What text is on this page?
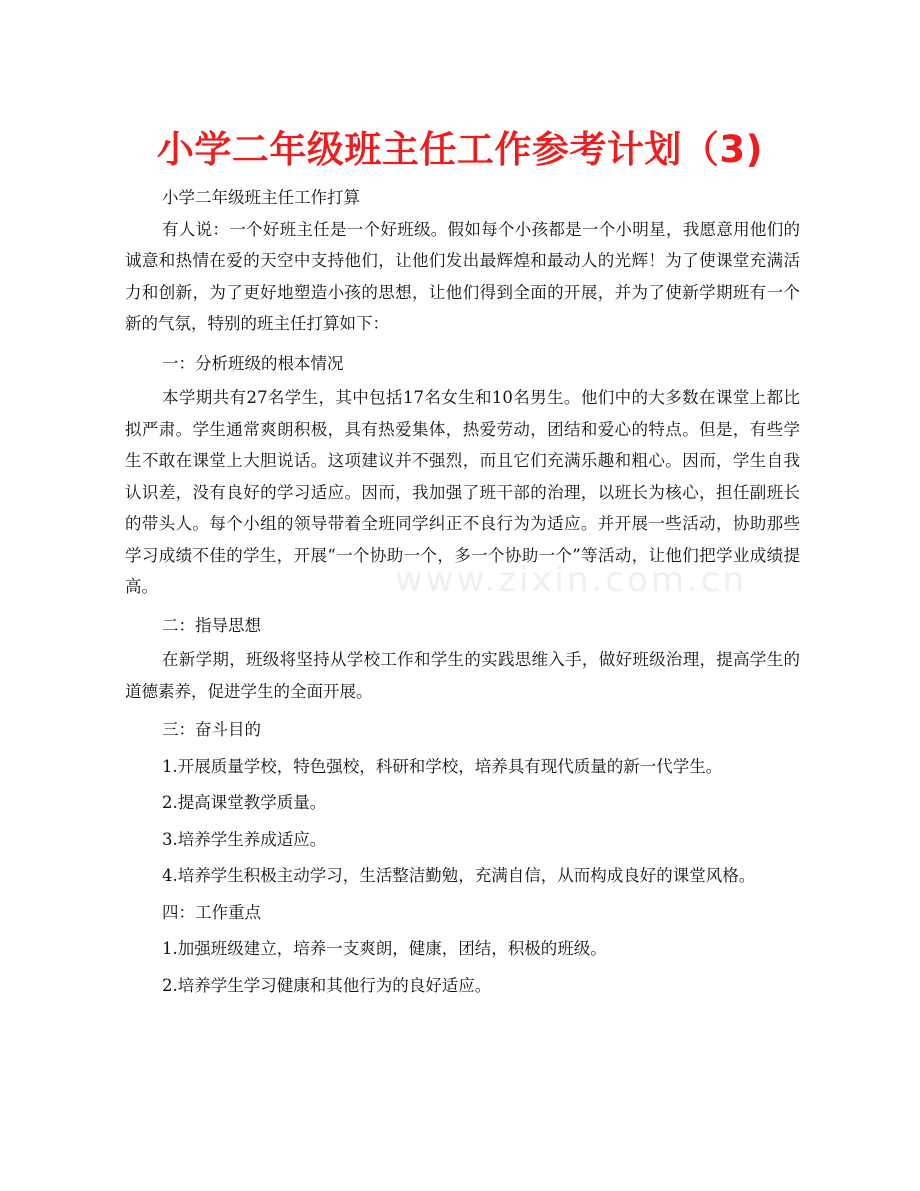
小学二年级班主任工作参考计划（3)
www.zixin.com.cn

小学二年级班主任工作打算

有人说：一个好班主任是一个好班级。假如每个小孩都是一个小明星，我愿意用他们的诚意和热情在爱的天空中支持他们，让他们发出最辉煌和最动人的光辉！为了使课堂充满活力和创新，为了更好地塑造小孩的思想，让他们得到全面的开展，并为了使新学期班有一个新的气氛，特别的班主任打算如下：

一：分析班级的根本情况

本学期共有27名学生，其中包括17名女生和10名男生。他们中的大多数在课堂上都比拟严肃。学生通常爽朗积极，具有热爱集体，热爱劳动，团结和爱心的特点。但是，有些学生不敢在课堂上大胆说话。这项建议并不强烈，而且它们充满乐趣和粗心。因而，学生自我认识差，没有良好的学习适应。因而，我加强了班干部的治理，以班长为核心，担任副班长的带头人。每个小组的领导带着全班同学纠正不良行为为适应。并开展一些活动，协助那些学习成绩不佳的学生，开展“一个协助一个，多一个协助一个”等活动，让他们把学业成绩提高。

二：指导思想

在新学期，班级将坚持从学校工作和学生的实践思维入手，做好班级治理，提高学生的道德素养，促进学生的全面开展。

三：奋斗目的

1.开展质量学校，特色强校，科研和学校，培养具有现代质量的新一代学生。

2.提高课堂教学质量。

3.培养学生养成适应。

4.培养学生积极主动学习，生活整洁勤勉，充满自信，从而构成良好的课堂风格。

四：工作重点

1.加强班级建立，培养一支爽朗，健康，团结，积极的班级。

2.培养学生学习健康和其他行为的良好适应。
